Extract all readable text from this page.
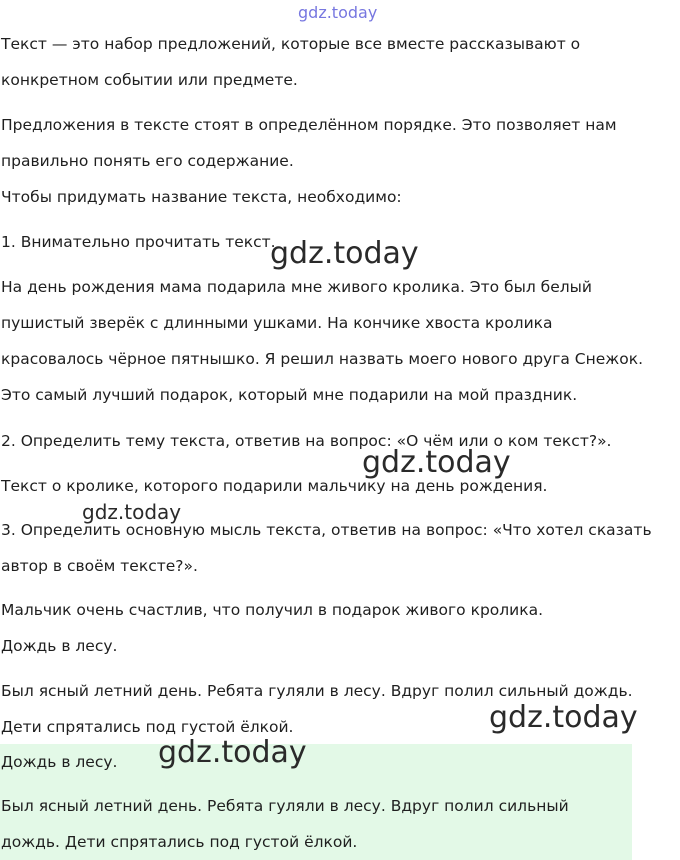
gdz.today

Текст — это набор предложений, которые все вместе рассказывают о
конкретном событии или предмете.

Предложения в тексте стоят в определённом порядке. Это позволяет нам
правильно понять его содержание.

Чтобы придумать название текста, необходимо:

1. Внимательно прочитать текст.

gdz.today

На день рождения мама подарила мне живого кролика. Это был белый
пушистый зверёк с длинными ушками. На кончике хвоста кролика
красовалось чёрное пятнышко. Я решил назвать моего нового друга Снежок.
Это самый лучший подарок, который мне подарили на мой праздник.

2. Определить тему текста, ответив на вопрос: «О чём или о ком текст?».

gdz.today

Текст о кролике, которого подарили мальчику на день рождения.

gdz.today

3. Определить основную мысль текста, ответив на вопрос: «Что хотел сказать
автор в своём тексте?».

Мальчик очень счастлив, что получил в подарок живого кролика.

Дождь в лесу.

Был ясный летний день. Ребята гуляли в лесу. Вдруг полил сильный дождь.
Дети спрятались под густой ёлкой.	gdz.today

Дождь в лесу.	gdz.today

Был ясный летний день. Ребята гуляли в лесу. Вдруг полил сильный
дождь. Дети спрятались под густой ёлкой.
